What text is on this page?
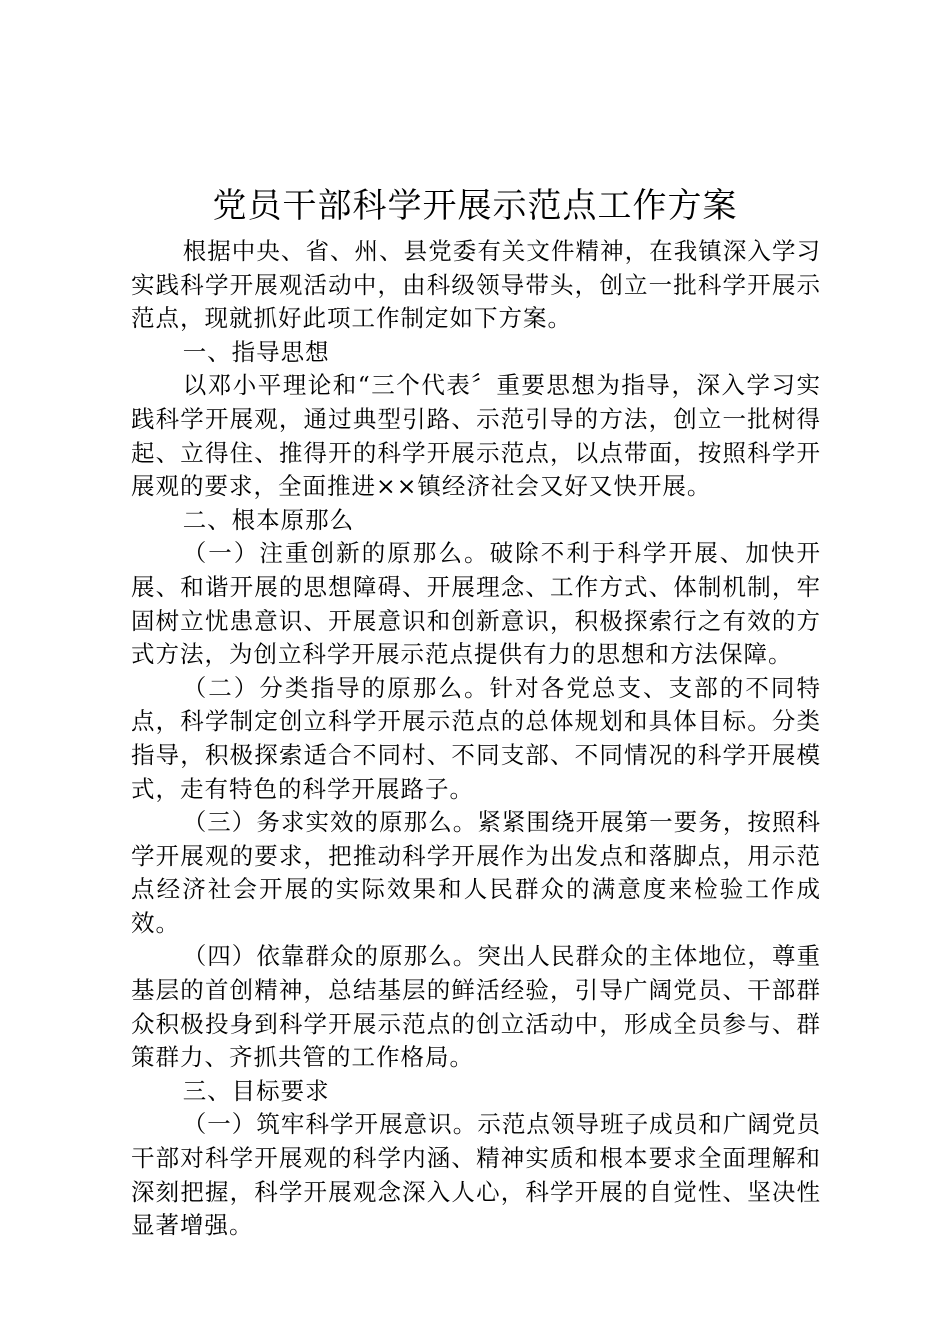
党员干部科学开展示范点工作方案

根据中央、省、州、县党委有关文件精神，在我镇深入学习实践科学开展观活动中，由科级领导带头，创立一批科学开展示范点，现就抓好此项工作制定如下方案。

一、指导思想

以邓小平理论和“三个代表〞重要思想为指导，深入学习实践科学开展观，通过典型引路、示范引导的方法，创立一批树得起、立得住、推得开的科学开展示范点，以点带面，按照科学开展观的要求，全面推进××镇经济社会又好又快开展。

二、根本原那么

（一）注重创新的原那么。破除不利于科学开展、加快开展、和谐开展的思想障碍、开展理念、工作方式、体制机制，牢固树立忧患意识、开展意识和创新意识，积极探索行之有效的方式方法，为创立科学开展示范点提供有力的思想和方法保障。

（二）分类指导的原那么。针对各党总支、支部的不同特点，科学制定创立科学开展示范点的总体规划和具体目标。分类指导，积极探索适合不同村、不同支部、不同情况的科学开展模式，走有特色的科学开展路子。

（三）务求实效的原那么。紧紧围绕开展第一要务，按照科学开展观的要求，把推动科学开展作为出发点和落脚点，用示范点经济社会开展的实际效果和人民群众的满意度来检验工作成效。

（四）依靠群众的原那么。突出人民群众的主体地位，尊重基层的首创精神，总结基层的鲜活经验，引导广阔党员、干部群众积极投身到科学开展示范点的创立活动中，形成全员参与、群策群力、齐抓共管的工作格局。

三、目标要求

（一）筑牢科学开展意识。示范点领导班子成员和广阔党员干部对科学开展观的科学内涵、精神实质和根本要求全面理解和深刻把握，科学开展观念深入人心，科学开展的自觉性、坚决性显著增强。
